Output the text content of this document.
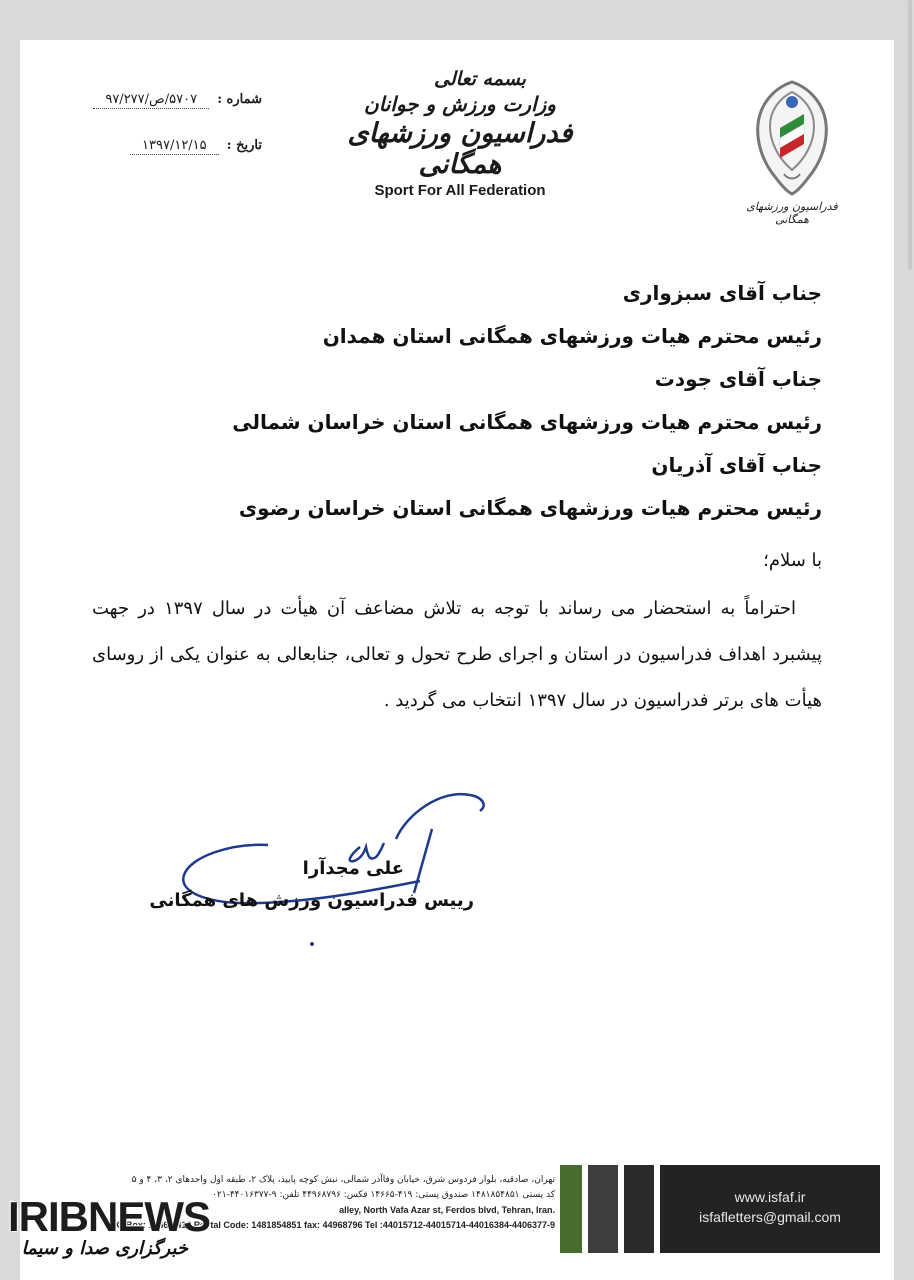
شماره : ۵۷۰۷/ص/۹۷/۲۷۷
تاریخ : ۱۳۹۷/۱۲/۱۵
بسمه تعالی
وزارت ورزش و جوانان
فدراسیون ورزشهای همگانی
Sport For All Federation
فدراسیون ورزشهای همگانی
جناب آقای سبزواری
رئیس محترم هیات ورزشهای همگانی استان همدان
جناب آقای جودت
رئیس محترم هیات ورزشهای همگانی استان خراسان شمالی
جناب آقای آذریان
رئیس محترم هیات ورزشهای همگانی استان خراسان رضوی
با سلام؛
احتراماً به استحضار می رساند با توجه به تلاش مضاعف آن هیأت در سال ۱۳۹۷ در جهت پیشبرد اهداف فدراسیون در استان و اجرای طرح تحول و تعالی، جنابعالی به عنوان یکی از روسای هیأت های برتر فدراسیون در سال ۱۳۹۷ انتخاب می گردید .
علی مجدآرا
رییس فدراسیون ورزش های همگانی
تهران، صادقیه، بلوار فردوس شرق، خیابان وفاآذر شمالی، نبش کوچه پاییذ، پلاک ۲، طبقه اول واحدهای ۲، ۳، ۴ و ۵
کد پستی ۱۴۸۱۸۵۴۸۵۱ صندوق پستی: ۴۱۹-۱۴۶۶۵ فکس: ۴۴۹۶۸۷۹۶ تلفن: ۹-۴۴۰۱۶۳۷۷-۰۲۱
alley, North Vafa Azar st, Ferdos blvd, Tehran, Iran.
P.O Box: 14665-419 Postal Code: 1481854851 fax: 44968796 Tel :44015712-44015714-44016384-4406377-9
www.isfaf.ir
isfafletters@gmail.com
IRIBNEWS
خبرگزاری صدا و سیما
